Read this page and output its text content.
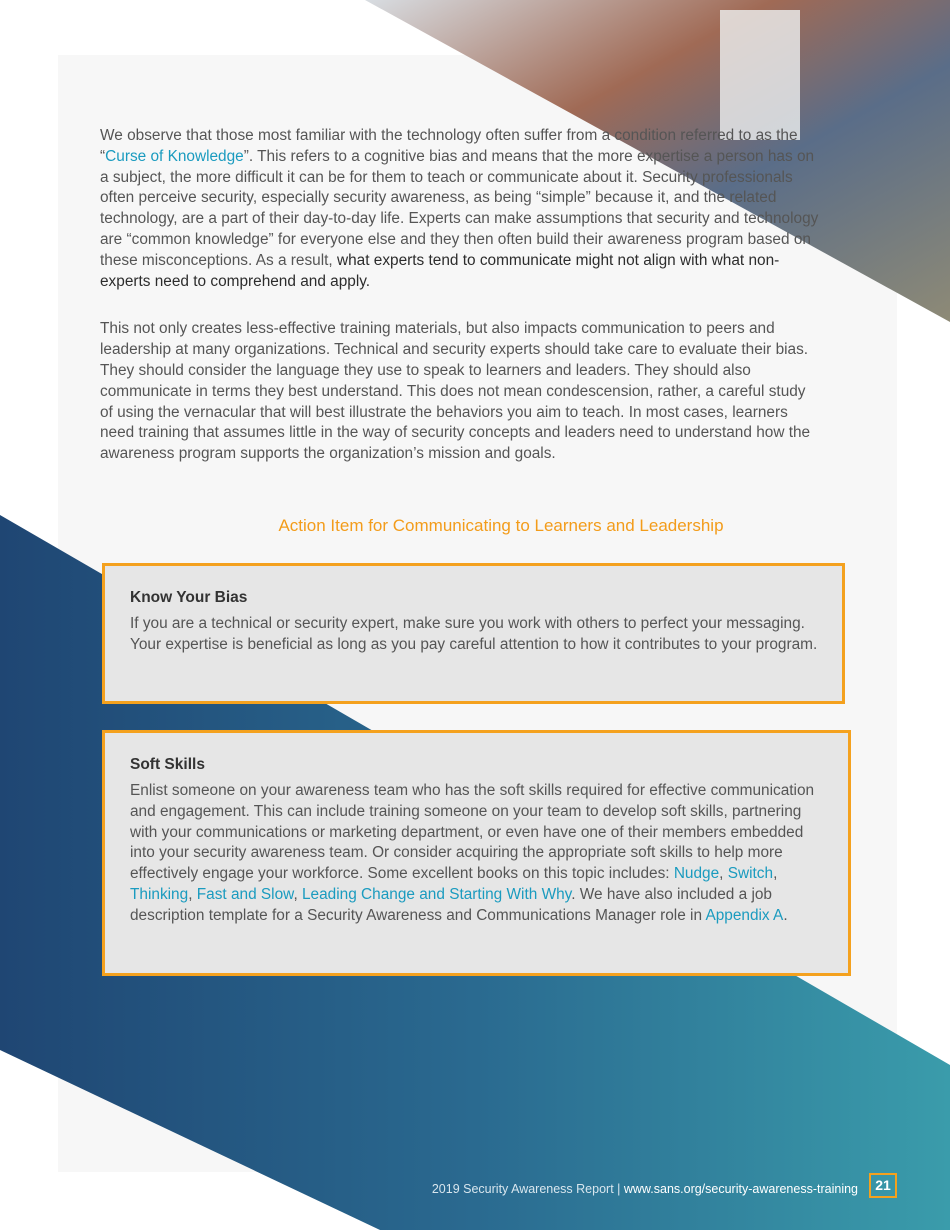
We observe that those most familiar with the technology often suffer from a condition referred to as the “Curse of Knowledge”. This refers to a cognitive bias and means that the more expertise a person has on a subject, the more difficult it can be for them to teach or communicate about it. Security professionals often perceive security, especially security awareness, as being “simple” because it, and the related technology, are a part of their day-to-day life. Experts can make assumptions that security and technology are “common knowledge” for everyone else and they then often build their awareness program based on these misconceptions. As a result, what experts tend to communicate might not align with what non-experts need to comprehend and apply.

This not only creates less-effective training materials, but also impacts communication to peers and leadership at many organizations. Technical and security experts should take care to evaluate their bias. They should consider the language they use to speak to learners and leaders. They should also communicate in terms they best understand. This does not mean condescension, rather, a careful study of using the vernacular that will best illustrate the behaviors you aim to teach. In most cases, learners need training that assumes little in the way of security concepts and leaders need to understand how the awareness program supports the organization’s mission and goals.

Action Item for Communicating to Learners and Leadership
Know Your Bias

If you are a technical or security expert, make sure you work with others to perfect your messaging. Your expertise is beneficial as long as you pay careful attention to how it contributes to your program.

Soft Skills

Enlist someone on your awareness team who has the soft skills required for effective communication and engagement. This can include training someone on your team to develop soft skills, partnering with your communications or marketing department, or even have one of their members embedded into your security awareness team. Or consider acquiring the appropriate soft skills to help more effectively engage your workforce. Some excellent books on this topic includes: Nudge, Switch, Thinking, Fast and Slow, Leading Change and Starting With Why. We have also included a job description template for a Security Awareness and Communications Manager role in Appendix A.

2019 Security Awareness Report | www.sans.org/security-awareness-training	21
